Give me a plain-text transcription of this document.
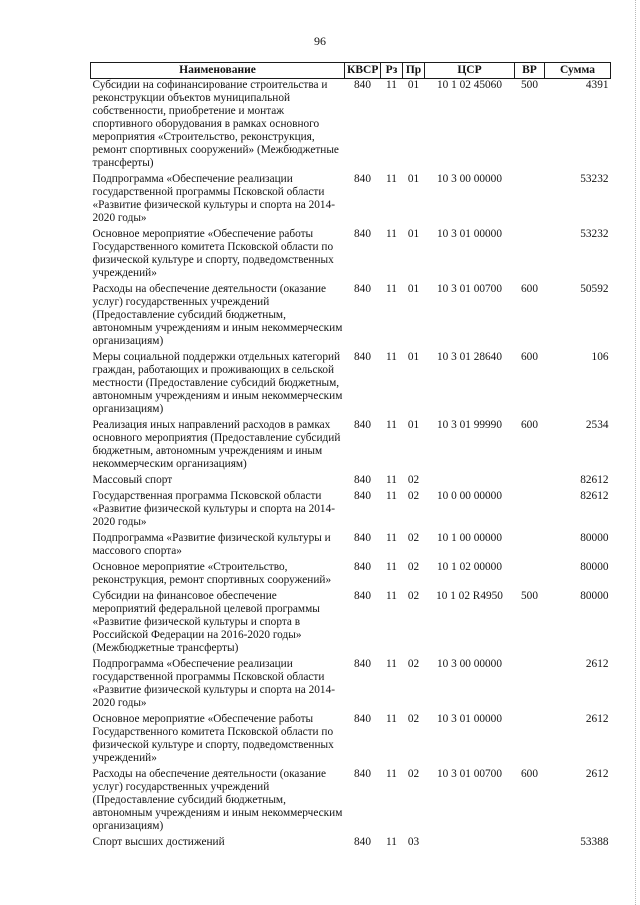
96
Наименование	КВСР	Рз	Пр	ЦСР	ВР	Сумма
Субсидии на софинансирование строительства и реконструкции объектов муниципальной собственности, приобретение и монтаж спортивного оборудования в рамках основного мероприятия «Строительство, реконструкция, ремонт спортивных сооружений» (Межбюджетные трансферты)	840	11	01	10 1 02 45060	500	4391
Подпрограмма «Обеспечение реализации государственной программы Псковской области «Развитие физической культуры и спорта на 2014-2020 годы»	840	11	01	10 3 00 00000		53232
Основное мероприятие «Обеспечение работы Государственного комитета Псковской области по физической культуре и спорту, подведомственных учреждений»	840	11	01	10 3 01 00000		53232
Расходы на обеспечение деятельности (оказание услуг) государственных учреждений (Предоставление субсидий бюджетным, автономным учреждениям и иным некоммерческим организациям)	840	11	01	10 3 01 00700	600	50592
Меры социальной поддержки отдельных категорий граждан, работающих и проживающих в сельской местности (Предоставление субсидий бюджетным, автономным учреждениям и иным некоммерческим организациям)	840	11	01	10 3 01 28640	600	106
Реализация иных направлений расходов в рамках основного мероприятия (Предоставление субсидий бюджетным, автономным учреждениям и иным некоммерческим организациям)	840	11	01	10 3 01 99990	600	2534
Массовый спорт	840	11	02			82612
Государственная программа Псковской области «Развитие физической культуры и спорта на 2014-2020 годы»	840	11	02	10 0 00 00000		82612
Подпрограмма «Развитие физической культуры и массового спорта»	840	11	02	10 1 00 00000		80000
Основное мероприятие «Строительство, реконструкция, ремонт спортивных сооружений»	840	11	02	10 1 02 00000		80000
Субсидии на финансовое обеспечение мероприятий федеральной целевой программы «Развитие физической культуры и спорта в Российской Федерации на 2016-2020 годы» (Межбюджетные трансферты)	840	11	02	10 1 02 R4950	500	80000
Подпрограмма «Обеспечение реализации государственной программы Псковской области «Развитие физической культуры и спорта на 2014-2020 годы»	840	11	02	10 3 00 00000		2612
Основное мероприятие «Обеспечение работы Государственного комитета Псковской области по физической культуре и спорту, подведомственных учреждений»	840	11	02	10 3 01 00000		2612
Расходы на обеспечение деятельности (оказание услуг) государственных учреждений (Предоставление субсидий бюджетным, автономным учреждениям и иным некоммерческим организациям)	840	11	02	10 3 01 00700	600	2612
Спорт высших достижений	840	11	03			53388
